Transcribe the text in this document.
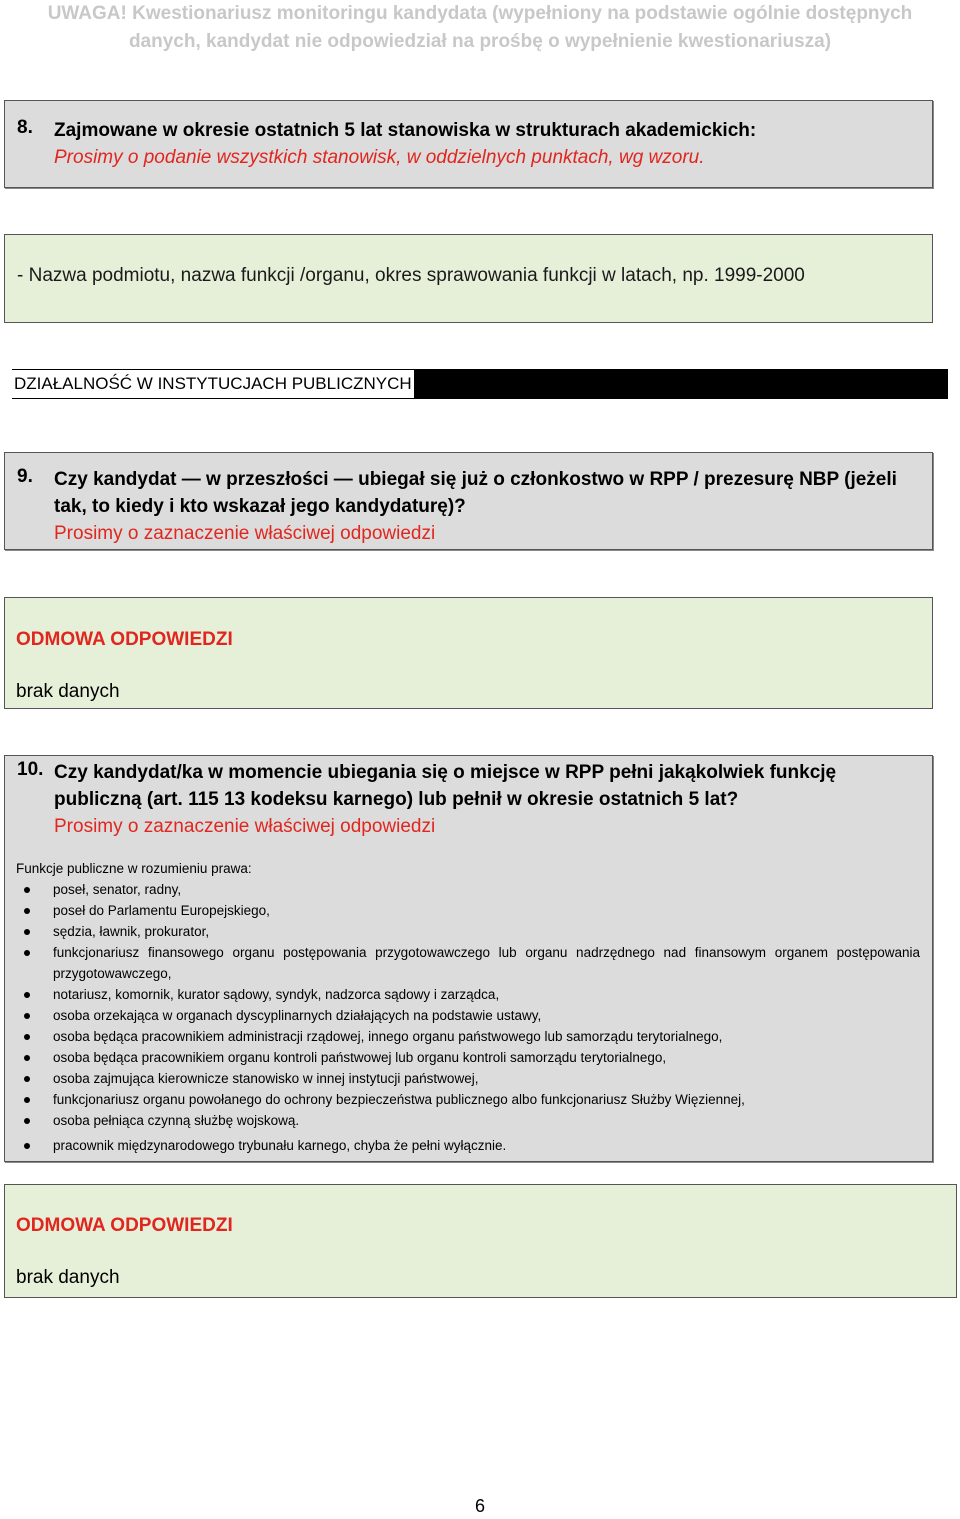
UWAGA! Kwestionariusz monitoringu kandydata (wypełniony na podstawie ogólnie dostępnych
danych, kandydat nie odpowiedział na prośbę o wypełnienie kwestionariusza)
8.	Zajmowane w okresie ostatnich 5 lat stanowiska w strukturach akademickich:
Prosimy o podanie wszystkich stanowisk, w oddzielnych punktach, wg wzoru.
- Nazwa podmiotu, nazwa funkcji /organu, okres sprawowania funkcji w latach, np. 1999-2000
DZIAŁALNOŚĆ W INSTYTUCJACH PUBLICZNYCH
9.	Czy kandydat — w przeszłości — ubiegał się już o członkostwo w RPP / prezesurę NBP (jeżeli tak, to kiedy i kto wskazał jego kandydaturę)?
Prosimy o zaznaczenie właściwej odpowiedzi
ODMOWA ODPOWIEDZI
brak danych
10. Czy kandydat/ka w momencie ubiegania się o miejsce w RPP pełni jakąkolwiek funkcję publiczną (art. 115 13 kodeksu karnego) lub pełnił w okresie ostatnich 5 lat?
Prosimy o zaznaczenie właściwej odpowiedzi
Funkcje publiczne w rozumieniu prawa:
poseł, senator, radny,
poseł do Parlamentu Europejskiego,
sędzia, ławnik, prokurator,
funkcjonariusz finansowego organu postępowania przygotowawczego lub organu nadrzędnego nad finansowym organem postępowania przygotowawczego,
notariusz, komornik, kurator sądowy, syndyk, nadzorca sądowy i zarządca,
osoba orzekająca w organach dyscyplinarnych działających na podstawie ustawy,
osoba będąca pracownikiem administracji rządowej, innego organu państwowego lub samorządu terytorialnego,
osoba będąca pracownikiem organu kontroli państwowej lub organu kontroli samorządu terytorialnego,
osoba zajmująca kierownicze stanowisko w innej instytucji państwowej,
funkcjonariusz organu powołanego do ochrony bezpieczeństwa publicznego albo funkcjonariusz Służby Więziennej,
osoba pełniąca czynną służbę wojskową.
pracownik międzynarodowego trybunału karnego, chyba że pełni wyłącznie.
ODMOWA ODPOWIEDZI
brak danych
6
